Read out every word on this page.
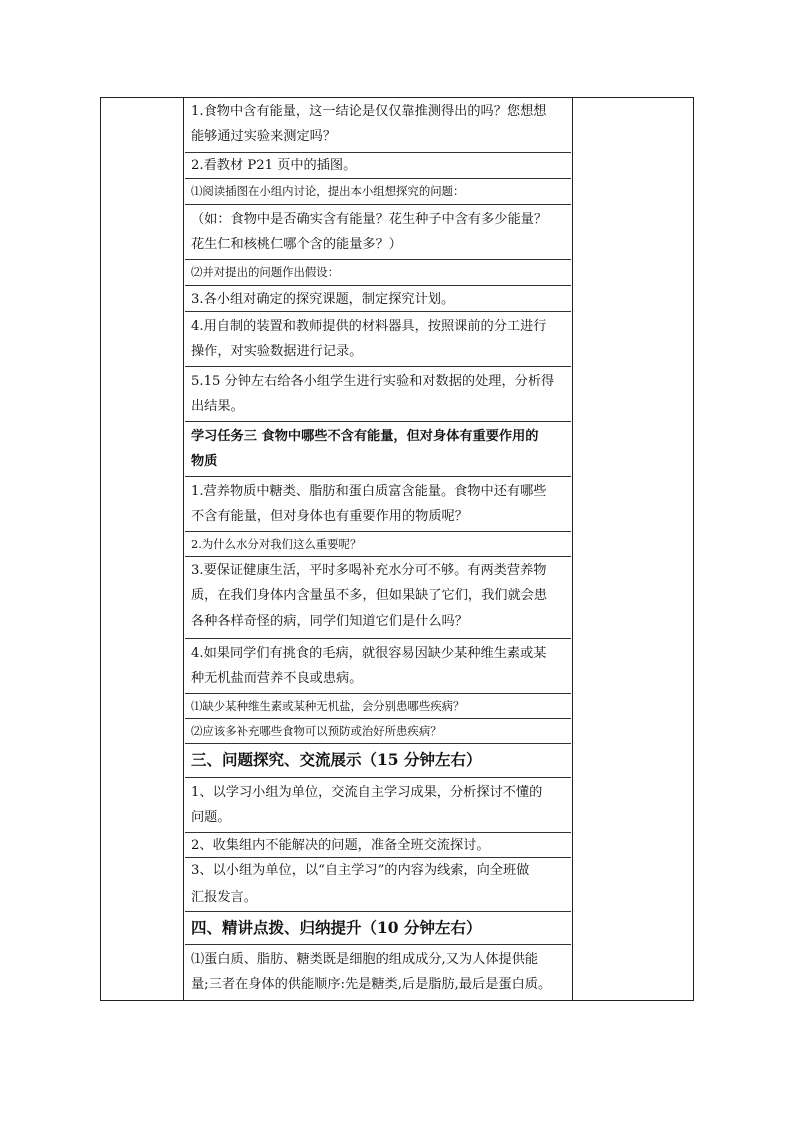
1.食物中含有能量，这一结论是仅仅靠推测得出的吗？您想想
能够通过实验来测定吗？
2.看教材 P21 页中的插图。
⑴阅读插图在小组内讨论，提出本小组想探究的问题：
（如：食物中是否确实含有能量？花生种子中含有多少能量？
花生仁和核桃仁哪个含的能量多？）
⑵并对提出的问题作出假设：
3.各小组对确定的探究课题，制定探究计划。
4.用自制的装置和教师提供的材料器具，按照课前的分工进行
操作，对实验数据进行记录。
5.15 分钟左右给各小组学生进行实验和对数据的处理，分析得
出结果。
学习任务三 食物中哪些不含有能量，但对身体有重要作用的
物质
1.营养物质中糖类、脂肪和蛋白质富含能量。食物中还有哪些
不含有能量，但对身体也有重要作用的物质呢？
2.为什么水分对我们这么重要呢？
3.要保证健康生活，平时多喝补充水分可不够。有两类营养物
质，在我们身体内含量虽不多，但如果缺了它们，我们就会患
各种各样奇怪的病，同学们知道它们是什么吗？
4.如果同学们有挑食的毛病，就很容易因缺少某种维生素或某
种无机盐而营养不良或患病。
⑴缺少某种维生素或某种无机盐，会分别患哪些疾病？
⑵应该多补充哪些食物可以预防或治好所患疾病？
三、问题探究、交流展示（15 分钟左右）
1、以学习小组为单位，交流自主学习成果，分析探讨不懂的
问题。
2、收集组内不能解决的问题，准备全班交流探讨。
3、以小组为单位，以“自主学习”的内容为线索，向全班做
汇报发言。
四、精讲点拨、归纳提升（10 分钟左右）
⑴蛋白质、脂肪、糖类既是细胞的组成成分,又为人体提供能
量;三者在身体的供能顺序:先是糖类,后是脂肪,最后是蛋白质。
